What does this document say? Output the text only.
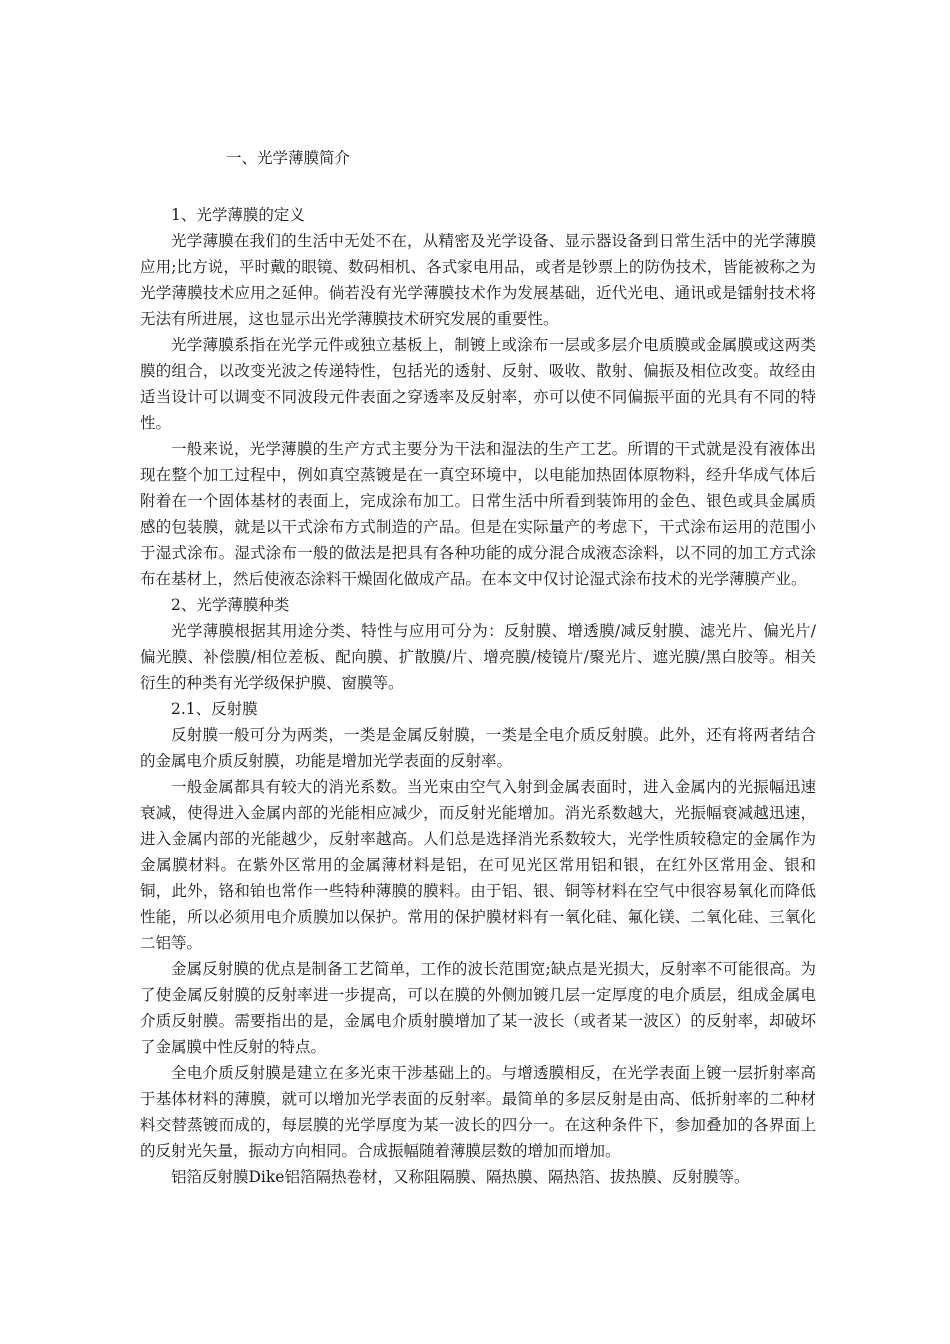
一、光学薄膜简介
1、光学薄膜的定义

光学薄膜在我们的生活中无处不在，从精密及光学设备、显示器设备到日常生活中的光学薄膜应用;比方说，平时戴的眼镜、数码相机、各式家电用品，或者是钞票上的防伪技术，皆能被称之为光学薄膜技术应用之延伸。倘若没有光学薄膜技术作为发展基础，近代光电、通讯或是镭射技术将无法有所进展，这也显示出光学薄膜技术研究发展的重要性。

光学薄膜系指在光学元件或独立基板上，制镀上或涂布一层或多层介电质膜或金属膜或这两类膜的组合，以改变光波之传递特性，包括光的透射、反射、吸收、散射、偏振及相位改变。故经由适当设计可以调变不同波段元件表面之穿透率及反射率，亦可以使不同偏振平面的光具有不同的特性。

一般来说，光学薄膜的生产方式主要分为干法和湿法的生产工艺。所谓的干式就是没有液体出现在整个加工过程中，例如真空蒸镀是在一真空环境中，以电能加热固体原物料，经升华成气体后附着在一个固体基材的表面上，完成涂布加工。日常生活中所看到装饰用的金色、银色或具金属质感的包装膜，就是以干式涂布方式制造的产品。但是在实际量产的考虑下，干式涂布运用的范围小于湿式涂布。湿式涂布一般的做法是把具有各种功能的成分混合成液态涂料，以不同的加工方式涂布在基材上，然后使液态涂料干燥固化做成产品。在本文中仅讨论湿式涂布技术的光学薄膜产业。

2、光学薄膜种类

光学薄膜根据其用途分类、特性与应用可分为：反射膜、增透膜/减反射膜、滤光片、偏光片/偏光膜、补偿膜/相位差板、配向膜、扩散膜/片、增亮膜/棱镜片/聚光片、遮光膜/黑白胶等。相关衍生的种类有光学级保护膜、窗膜等。

2.1、反射膜

反射膜一般可分为两类，一类是金属反射膜，一类是全电介质反射膜。此外，还有将两者结合的金属电介质反射膜，功能是增加光学表面的反射率。

一般金属都具有较大的消光系数。当光束由空气入射到金属表面时，进入金属内的光振幅迅速衰减，使得进入金属内部的光能相应减少，而反射光能增加。消光系数越大，光振幅衰减越迅速，进入金属内部的光能越少，反射率越高。人们总是选择消光系数较大，光学性质较稳定的金属作为金属膜材料。在紫外区常用的金属薄材料是铝，在可见光区常用铝和银，在红外区常用金、银和铜，此外，铬和铂也常作一些特种薄膜的膜料。由于铝、银、铜等材料在空气中很容易氧化而降低性能，所以必须用电介质膜加以保护。常用的保护膜材料有一氧化硅、氟化镁、二氧化硅、三氧化二铝等。

金属反射膜的优点是制备工艺简单，工作的波长范围宽;缺点是光损大，反射率不可能很高。为了使金属反射膜的反射率进一步提高，可以在膜的外侧加镀几层一定厚度的电介质层，组成金属电介质反射膜。需要指出的是，金属电介质射膜增加了某一波长（或者某一波区）的反射率，却破坏了金属膜中性反射的特点。

全电介质反射膜是建立在多光束干涉基础上的。与增透膜相反，在光学表面上镀一层折射率高于基体材料的薄膜，就可以增加光学表面的反射率。最简单的多层反射是由高、低折射率的二种材料交替蒸镀而成的，每层膜的光学厚度为某一波长的四分一。在这种条件下，参加叠加的各界面上的反射光矢量，振动方向相同。合成振幅随着薄膜层数的增加而增加。

铝箔反射膜Dike铝箔隔热卷材，又称阻隔膜、隔热膜、隔热箔、拔热膜、反射膜等。
